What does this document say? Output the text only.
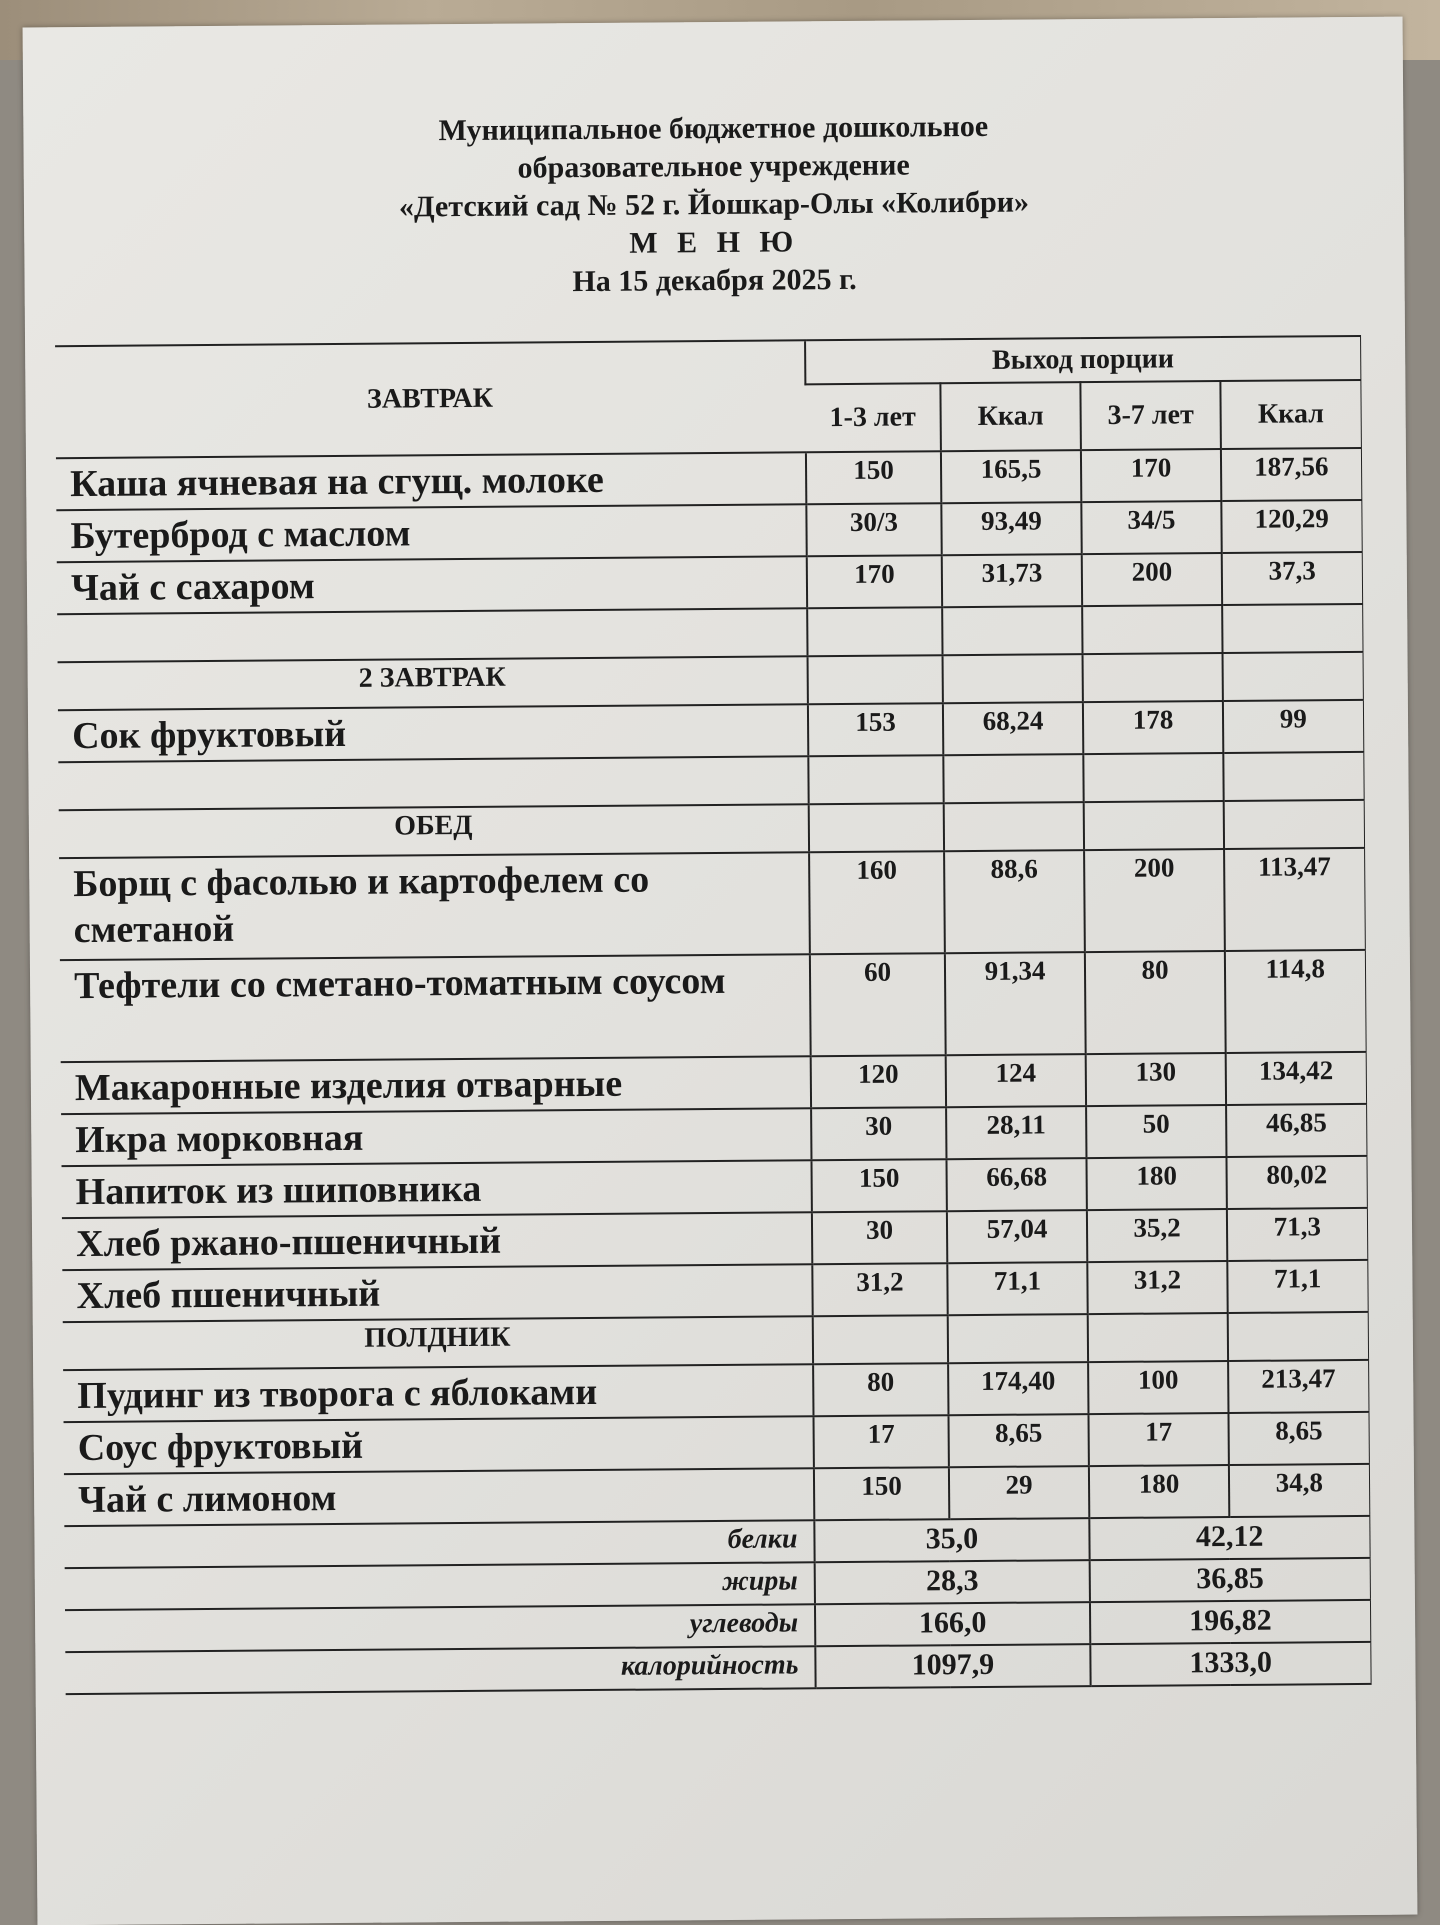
Муниципальное бюджетное дошкольное
образовательное учреждение
«Детский сад № 52 г. Йошкар-Олы «Колибри»
М Е Н Ю
На 15 декабря 2025 г.
ЗАВТРАК	Выход порции			
	1-3 лет	Ккал	3-7 лет	Ккал
Каша ячневая на сгущ. молоке	150	165,5	170	187,56
Бутерброд с маслом	30/3	93,49	34/5	120,29
Чай с сахаром	170	31,73	200	37,3

2 ЗАВТРАК				
Сок фруктовый	153	68,24	178	99

ОБЕД				
Борщ с фасолью и картофелем со сметаной	160	88,6	200	113,47
Тефтели со сметано-томатным соусом	60	91,34	80	114,8
Макаронные изделия отварные	120	124	130	134,42
Икра морковная	30	28,11	50	46,85
Напиток из шиповника	150	66,68	180	80,02
Хлеб ржано-пшеничный	30	57,04	35,2	71,3
Хлеб пшеничный	31,2	71,1	31,2	71,1
ПОЛДНИК				
Пудинг из творога с яблоками	80	174,40	100	213,47
Соус фруктовый	17	8,65	17	8,65
Чай с лимоном	150	29	180	34,8
белки	35,0		42,12	
жиры	28,3		36,85	
углеводы	166,0		196,82	
калорийность	1097,9		1333,0	
